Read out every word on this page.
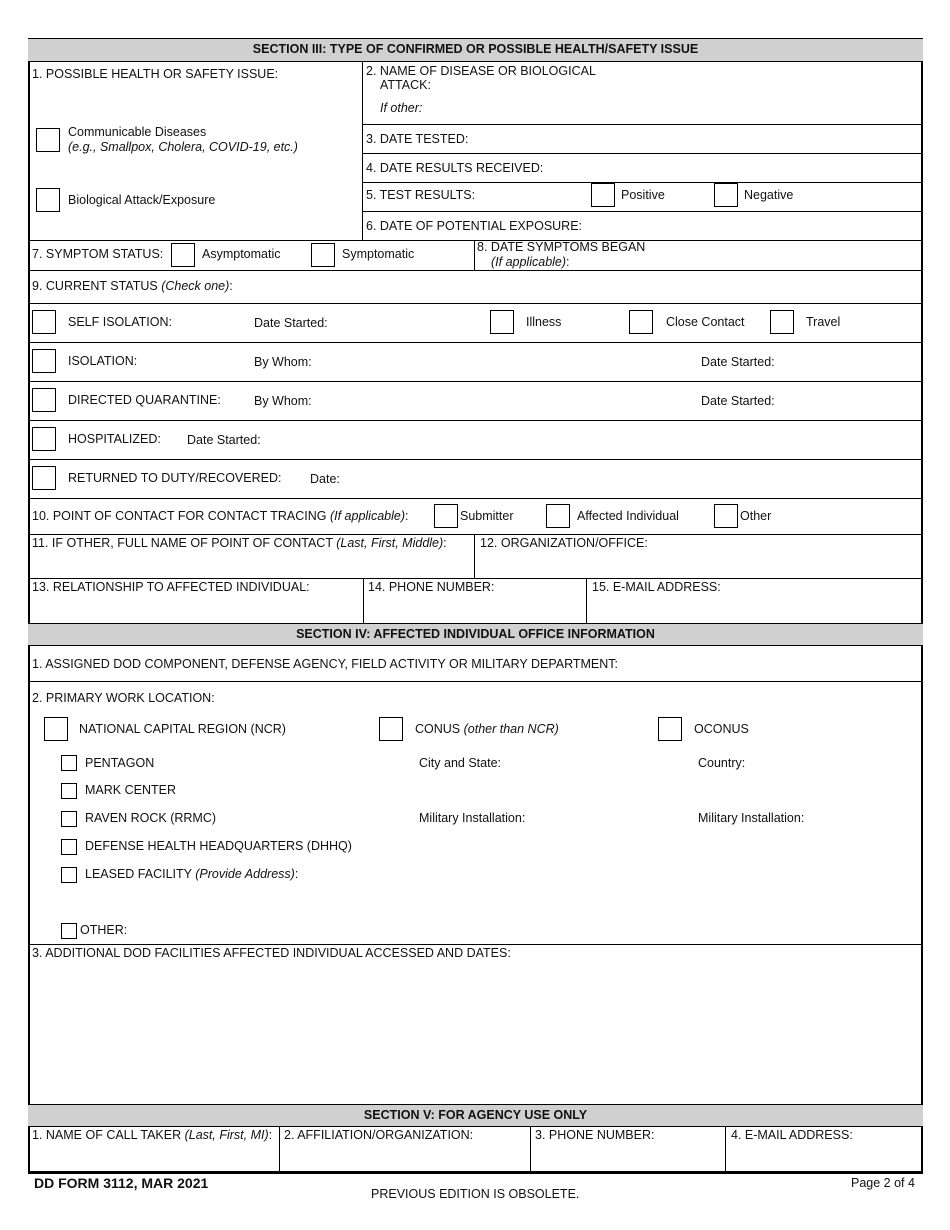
SECTION III: TYPE OF CONFIRMED OR POSSIBLE HEALTH/SAFETY ISSUE
1. POSSIBLE HEALTH OR SAFETY ISSUE:
Communicable Diseases
(e.g., Smallpox, Cholera, COVID-19, etc.)
Biological Attack/Exposure
2. NAME OF DISEASE OR BIOLOGICAL
ATTACK:
If other:
3. DATE TESTED:
4. DATE RESULTS RECEIVED:
5. TEST RESULTS:	Positive	Negative
6. DATE OF POTENTIAL EXPOSURE:
7. SYMPTOM STATUS:	Asymptomatic	Symptomatic	8. DATE SYMPTOMS BEGAN
(If applicable):
9. CURRENT STATUS (Check one):
SELF ISOLATION:	Date Started:	Illness	Close Contact	Travel
ISOLATION:	By Whom:	Date Started:
DIRECTED QUARANTINE:	By Whom:	Date Started:
HOSPITALIZED: Date Started:
RETURNED TO DUTY/RECOVERED: Date:
10. POINT OF CONTACT FOR CONTACT TRACING (If applicable):	Submitter	Affected Individual	Other
11. IF OTHER, FULL NAME OF POINT OF CONTACT (Last, First, Middle):	12. ORGANIZATION/OFFICE:
13. RELATIONSHIP TO AFFECTED INDIVIDUAL:	14. PHONE NUMBER:	15. E-MAIL ADDRESS:
SECTION IV: AFFECTED INDIVIDUAL OFFICE INFORMATION
1. ASSIGNED DOD COMPONENT, DEFENSE AGENCY, FIELD ACTIVITY OR MILITARY DEPARTMENT:
2. PRIMARY WORK LOCATION:
NATIONAL CAPITAL REGION (NCR)	CONUS (other than NCR)	OCONUS
PENTAGON	City and State:	Country:
MARK CENTER
RAVEN ROCK (RRMC)	Military Installation:	Military Installation:
DEFENSE HEALTH HEADQUARTERS (DHHQ)
LEASED FACILITY (Provide Address):
OTHER:
3. ADDITIONAL DOD FACILITIES AFFECTED INDIVIDUAL ACCESSED AND DATES:
SECTION V: FOR AGENCY USE ONLY
1. NAME OF CALL TAKER (Last, First, MI): 2. AFFILIATION/ORGANIZATION:	3. PHONE NUMBER:	4. E-MAIL ADDRESS:
DD FORM 3112, MAR 2021
PREVIOUS EDITION IS OBSOLETE.
Page 2 of 4
